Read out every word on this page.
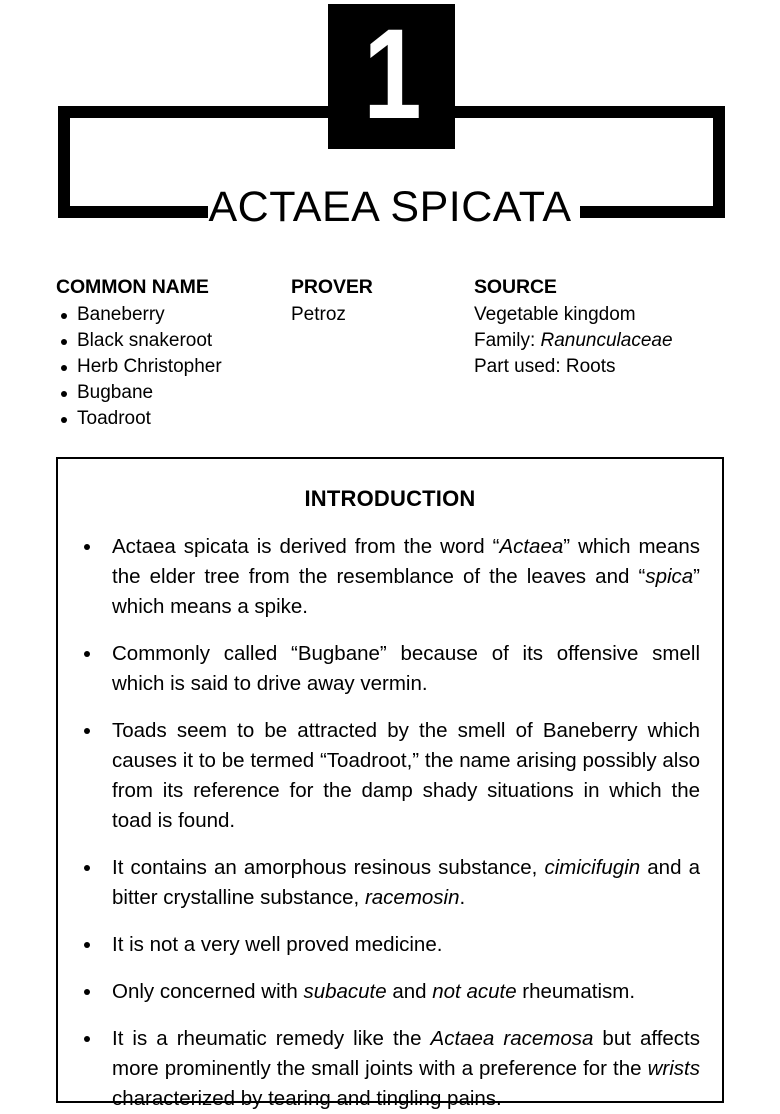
1
ACTAEA SPICATA
COMMON NAME
Baneberry
Black snakeroot
Herb Christopher
Bugbane
Toadroot
PROVER
Petroz
SOURCE
Vegetable kingdom
Family: Ranunculaceae
Part used: Roots
INTRODUCTION
Actaea spicata is derived from the word “Actaea” which means the elder tree from the resemblance of the leaves and “spica” which means a spike.
Commonly called “Bugbane” because of its offensive smell which is said to drive away vermin.
Toads seem to be attracted by the smell of Baneberry which causes it to be termed “Toadroot,” the name arising possibly also from its reference for the damp shady situations in which the toad is found.
It contains an amorphous resinous substance, cimicifugin and a bitter crystalline substance, racemosin.
It is not a very well proved medicine.
Only concerned with subacute and not acute rheumatism.
It is a rheumatic remedy like the Actaea racemosa but affects more prominently the small joints with a preference for the wrists characterized by tearing and tingling pains.
